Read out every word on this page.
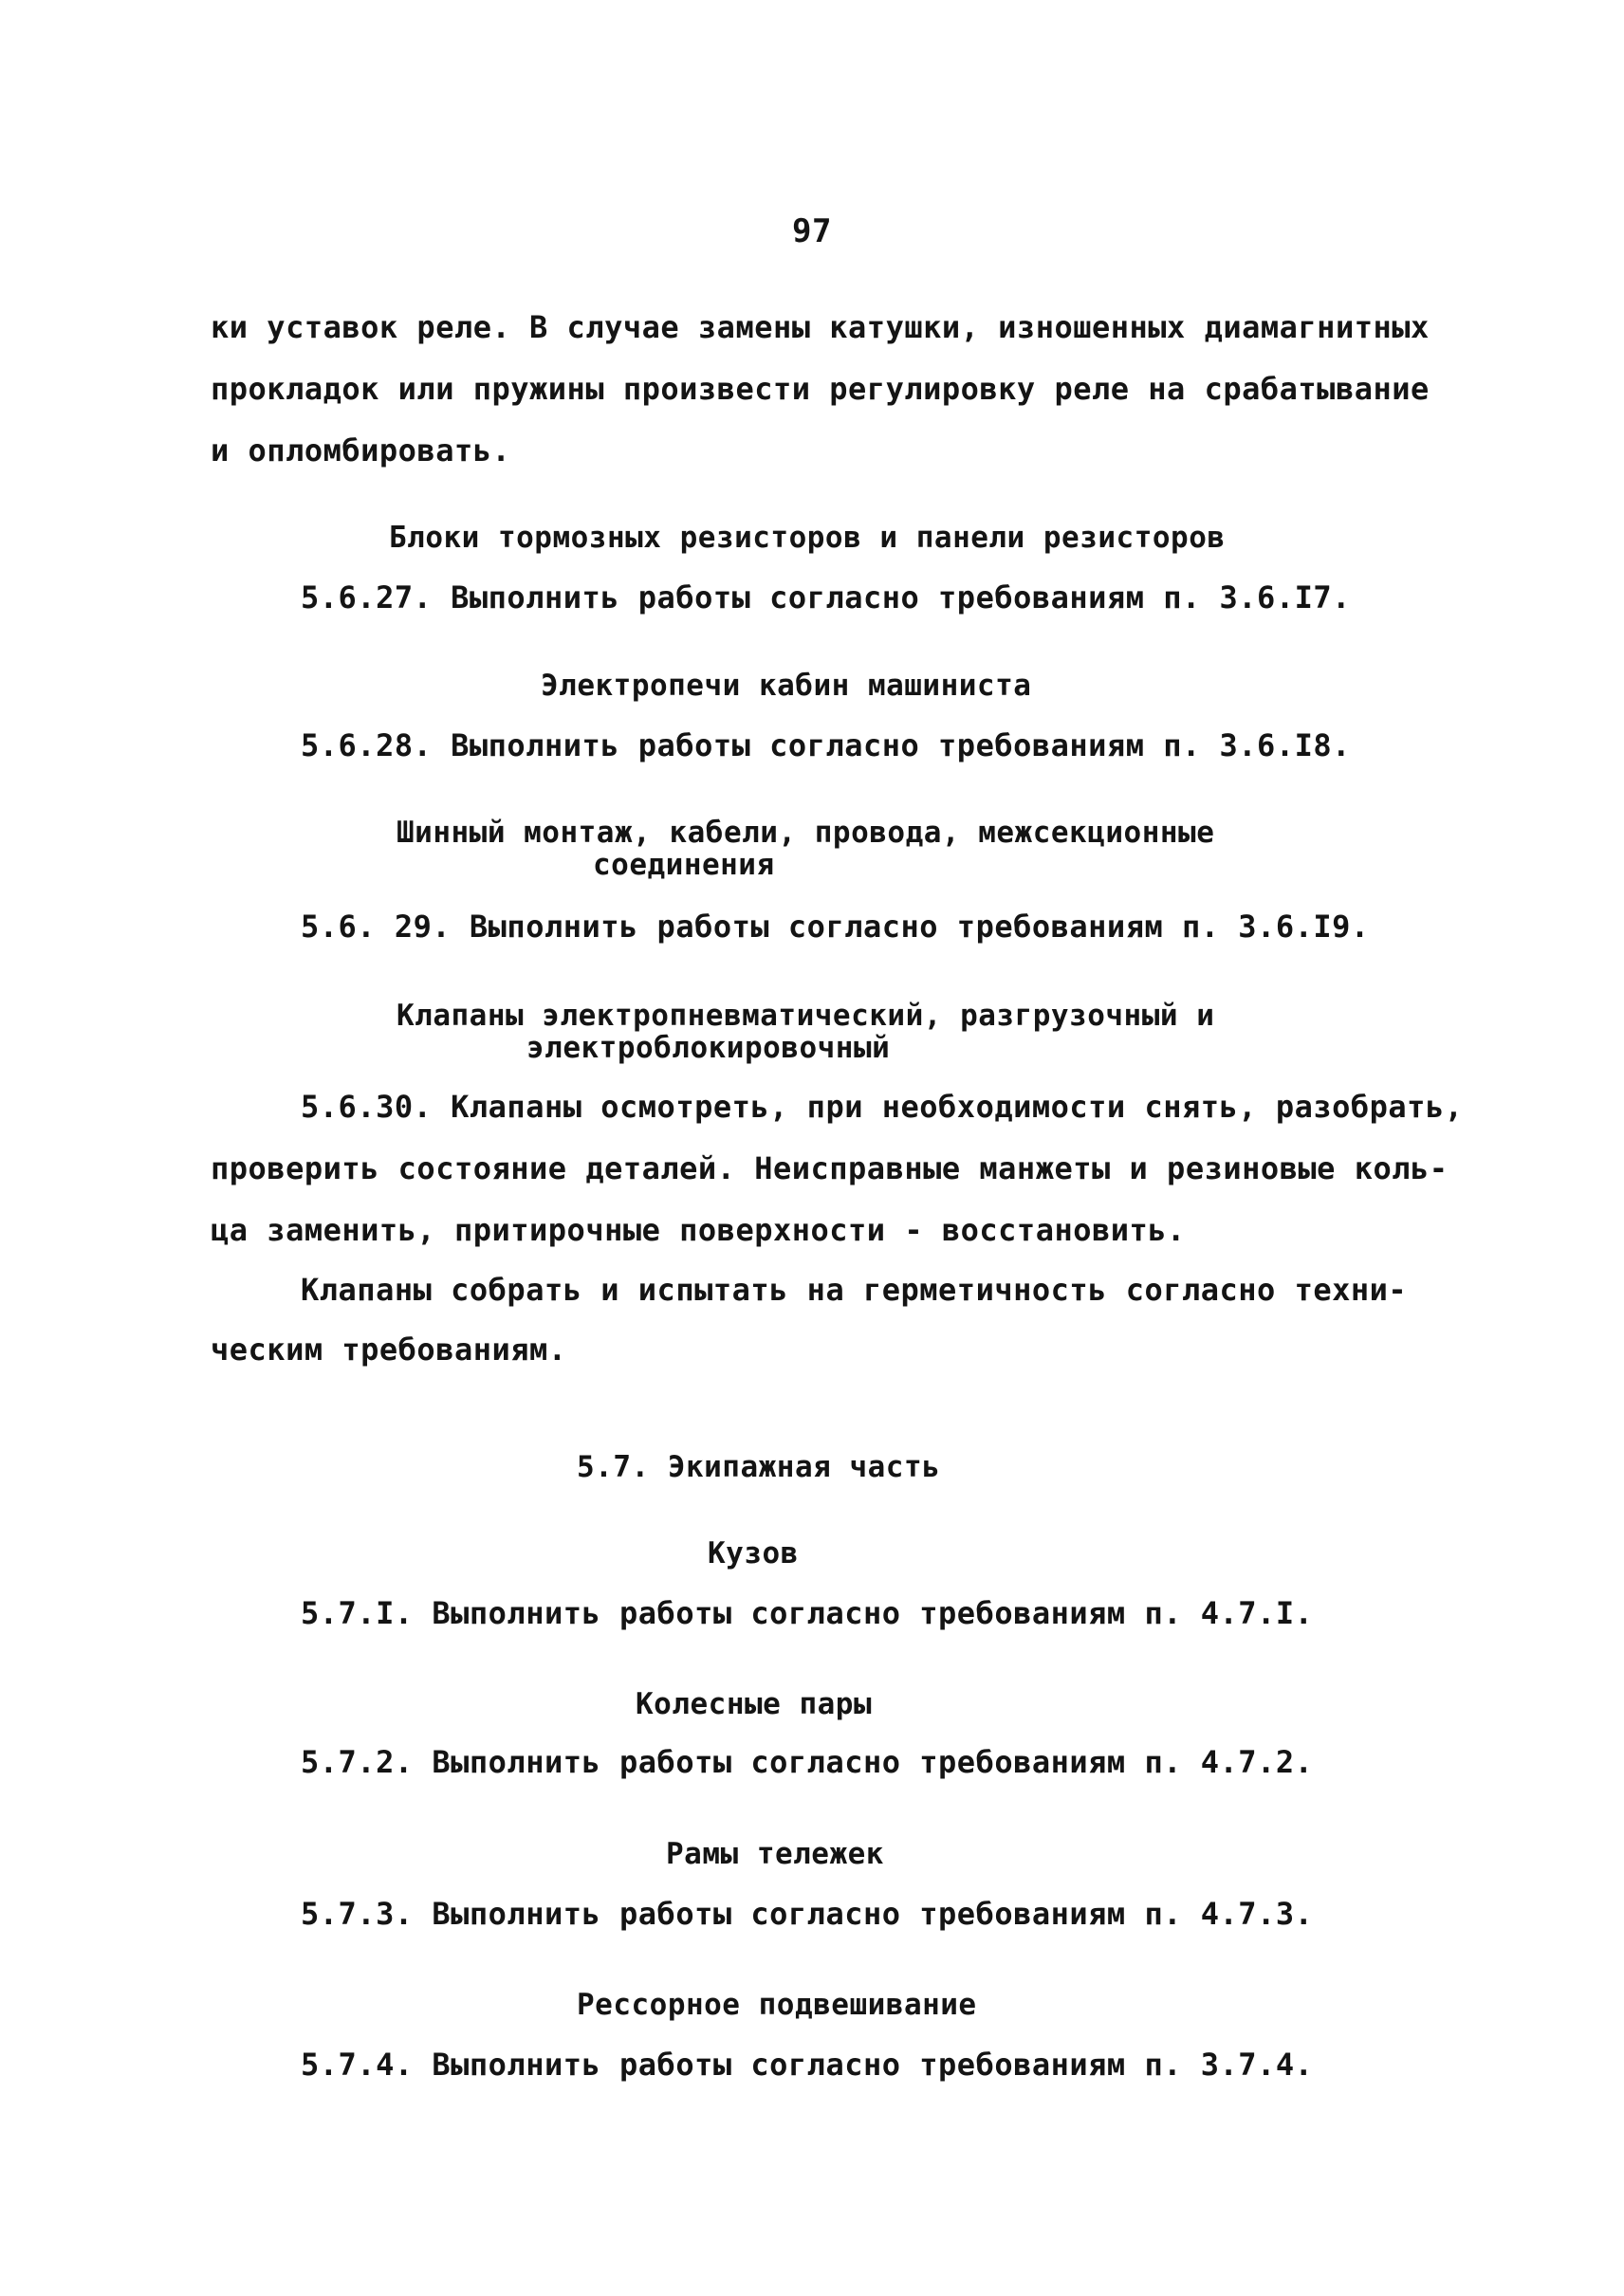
97
ки уставок реле. В случае замены катушки, изношенных диамагнитных
прокладок или пружины произвести регулировку реле на срабатывание
и опломбировать.
Блоки тормозных резисторов и панели резисторов
5.6.27. Выполнить работы согласно требованиям п. 3.6.I7.
Электропечи кабин машиниста
5.6.28. Выполнить работы согласно требованиям п. 3.6.I8.
Шинный монтаж, кабели, провода, межсекционные
соединения
5.6. 29. Выполнить работы согласно требованиям п. 3.6.I9.
Клапаны электропневматический, разгрузочный и
электроблокировочный
5.6.30. Клапаны осмотреть, при необходимости снять, разобрать,
проверить состояние деталей. Неисправные манжеты и резиновые коль-
ца заменить, притирочные поверхности - восстановить.
Клапаны собрать и испытать на герметичность согласно техни-
ческим требованиям.
5.7. Экипажная часть
Кузов
5.7.I. Выполнить работы согласно требованиям п. 4.7.I.
Колесные пары
5.7.2. Выполнить работы согласно требованиям п. 4.7.2.
Рамы тележек
5.7.3. Выполнить работы согласно требованиям п. 4.7.3.
Рессорное подвешивание
5.7.4. Выполнить работы согласно требованиям п. 3.7.4.
